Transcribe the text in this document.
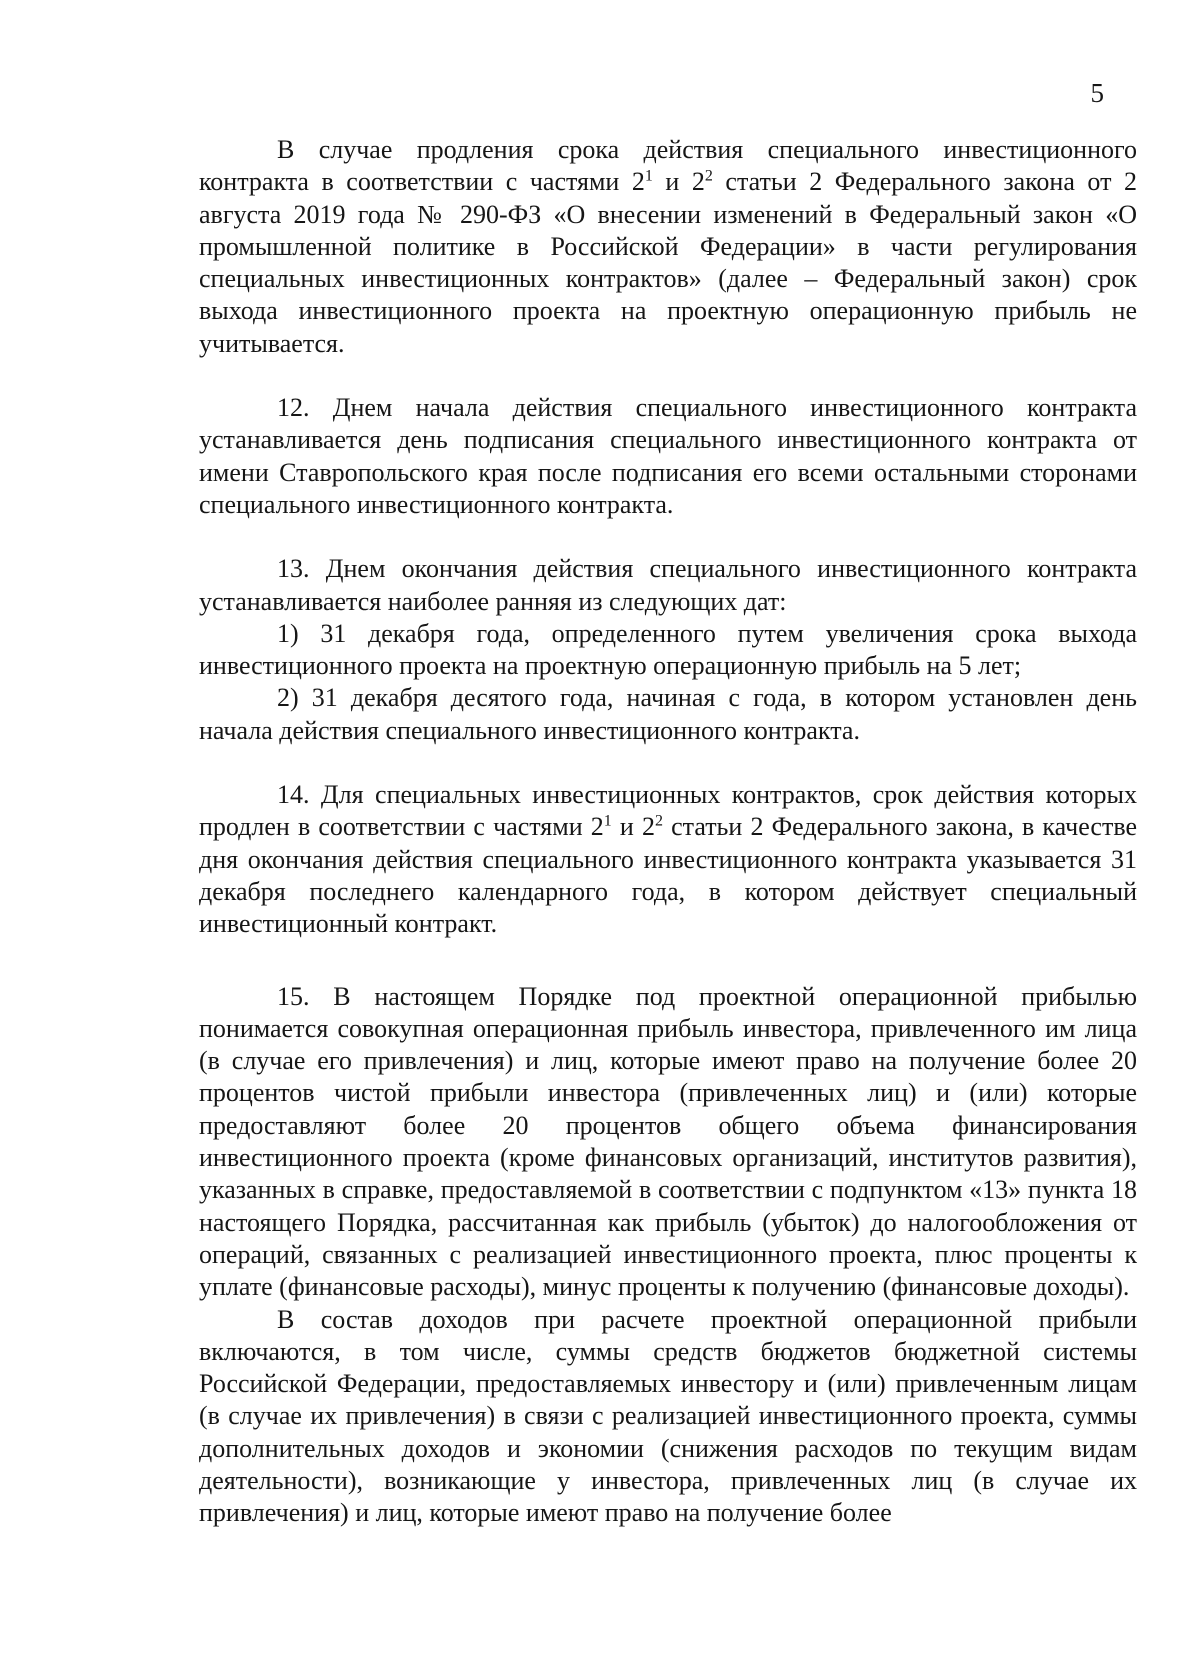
5

В случае продления срока действия специального инвестиционного контракта в соответствии с частями $2^1$ и $2^2$ статьи 2 Федерального закона от 2 августа 2019 года № 290-ФЗ «О внесении изменений в Федеральный закон «О промышленной политике в Российской Федерации» в части регулирования специальных инвестиционных контрактов» (далее – Федеральный закон) срок выхода инвестиционного проекта на проектную операционную прибыль не учитывается.

12. Днем начала действия специального инвестиционного контракта устанавливается день подписания специального инвестиционного контракта от имени Ставропольского края после подписания его всеми остальными сторонами специального инвестиционного контракта.

13. Днем окончания действия специального инвестиционного контракта устанавливается наиболее ранняя из следующих дат:

1) 31 декабря года, определенного путем увеличения срока выхода инвестиционного проекта на проектную операционную прибыль на 5 лет;

2) 31 декабря десятого года, начиная с года, в котором установлен день начала действия специального инвестиционного контракта.

14. Для специальных инвестиционных контрактов, срок действия которых продлен в соответствии с частями $2^1$ и $2^2$ статьи 2 Федерального закона, в качестве дня окончания действия специального инвестиционного контракта указывается 31 декабря последнего календарного года, в котором действует специальный инвестиционный контракт.

15. В настоящем Порядке под проектной операционной прибылью понимается совокупная операционная прибыль инвестора, привлеченного им лица (в случае его привлечения) и лиц, которые имеют право на получение более 20 процентов чистой прибыли инвестора (привлеченных лиц) и (или) которые предоставляют более 20 процентов общего объема финансирования инвестиционного проекта (кроме финансовых организаций, институтов развития), указанных в справке, предоставляемой в соответствии с подпунктом «13» пункта 18 настоящего Порядка, рассчитанная как прибыль (убыток) до налогообложения от операций, связанных с реализацией инвестиционного проекта, плюс проценты к уплате (финансовые расходы), минус проценты к получению (финансовые доходы).

В состав доходов при расчете проектной операционной прибыли включаются, в том числе, суммы средств бюджетов бюджетной системы Российской Федерации, предоставляемых инвестору и (или) привлеченным лицам (в случае их привлечения) в связи с реализацией инвестиционного проекта, суммы дополнительных доходов и экономии (снижения расходов по текущим видам деятельности), возникающие у инвестора, привлеченных лиц (в случае их привлечения) и лиц, которые имеют право на получение более
